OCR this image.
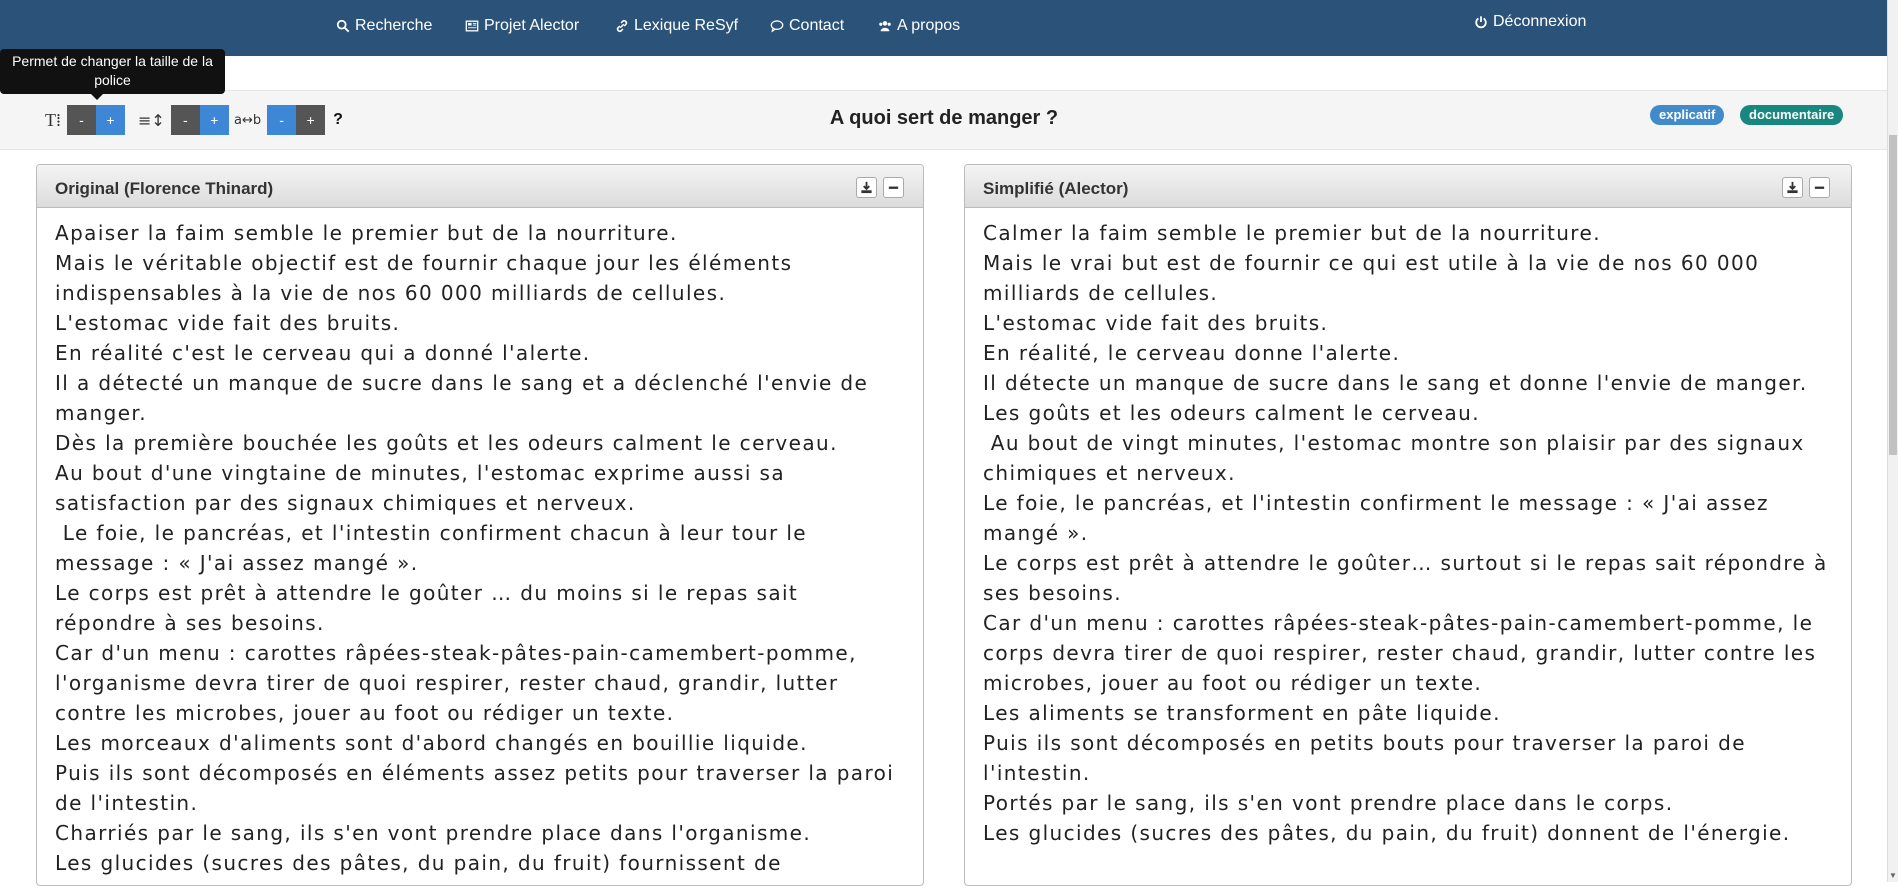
Recherche	Projet Alector	Lexique ReSyf	Contact	A propos	Déconnexion
T⁞	-	+	≡↕	-	+	a↔b	-	+	?	A quoi sert de manger ?	explicatif	documentaire
Permet de changer la taille de la police
Original (Florence Thinard)
Apaiser la faim semble le premier but de la nourriture.
Mais le véritable objectif est de fournir chaque jour les éléments indispensables à la vie de nos 60 000 milliards de cellules.
L'estomac vide fait des bruits.
En réalité c'est le cerveau qui a donné l'alerte.
Il a détecté un manque de sucre dans le sang et a déclenché l'envie de manger.
Dès la première bouchée les goûts et les odeurs calment le cerveau.
Au bout d'une vingtaine de minutes, l'estomac exprime aussi sa satisfaction par des signaux chimiques et nerveux.
Le foie, le pancréas, et l'intestin confirment chacun à leur tour le message : « J'ai assez mangé ».
Le corps est prêt à attendre le goûter … du moins si le repas sait répondre à ses besoins.
Car d'un menu : carottes râpées-steak-pâtes-pain-camembert-pomme, l'organisme devra tirer de quoi respirer, rester chaud, grandir, lutter contre les microbes, jouer au foot ou rédiger un texte.
Les morceaux d'aliments sont d'abord changés en bouillie liquide.
Puis ils sont décomposés en éléments assez petits pour traverser la paroi de l'intestin.
Charriés par le sang, ils s'en vont prendre place dans l'organisme.
Les glucides (sucres des pâtes, du pain, du fruit) fournissent de
Simplifié (Alector)
Calmer la faim semble le premier but de la nourriture.
Mais le vrai but est de fournir ce qui est utile à la vie de nos 60 000 milliards de cellules.
L'estomac vide fait des bruits.
En réalité, le cerveau donne l'alerte.
Il détecte un manque de sucre dans le sang et donne l'envie de manger.
Les goûts et les odeurs calment le cerveau.
Au bout de vingt minutes, l'estomac montre son plaisir par des signaux chimiques et nerveux.
Le foie, le pancréas, et l'intestin confirment le message : « J'ai assez mangé ».
Le corps est prêt à attendre le goûter… surtout si le repas sait répondre à ses besoins.
Car d'un menu : carottes râpées-steak-pâtes-pain-camembert-pomme, le corps devra tirer de quoi respirer, rester chaud, grandir, lutter contre les microbes, jouer au foot ou rédiger un texte.
Les aliments se transforment en pâte liquide.
Puis ils sont décomposés en petits bouts pour traverser la paroi de l'intestin.
Portés par le sang, ils s'en vont prendre place dans le corps.
Les glucides (sucres des pâtes, du pain, du fruit) donnent de l'énergie.
▼
